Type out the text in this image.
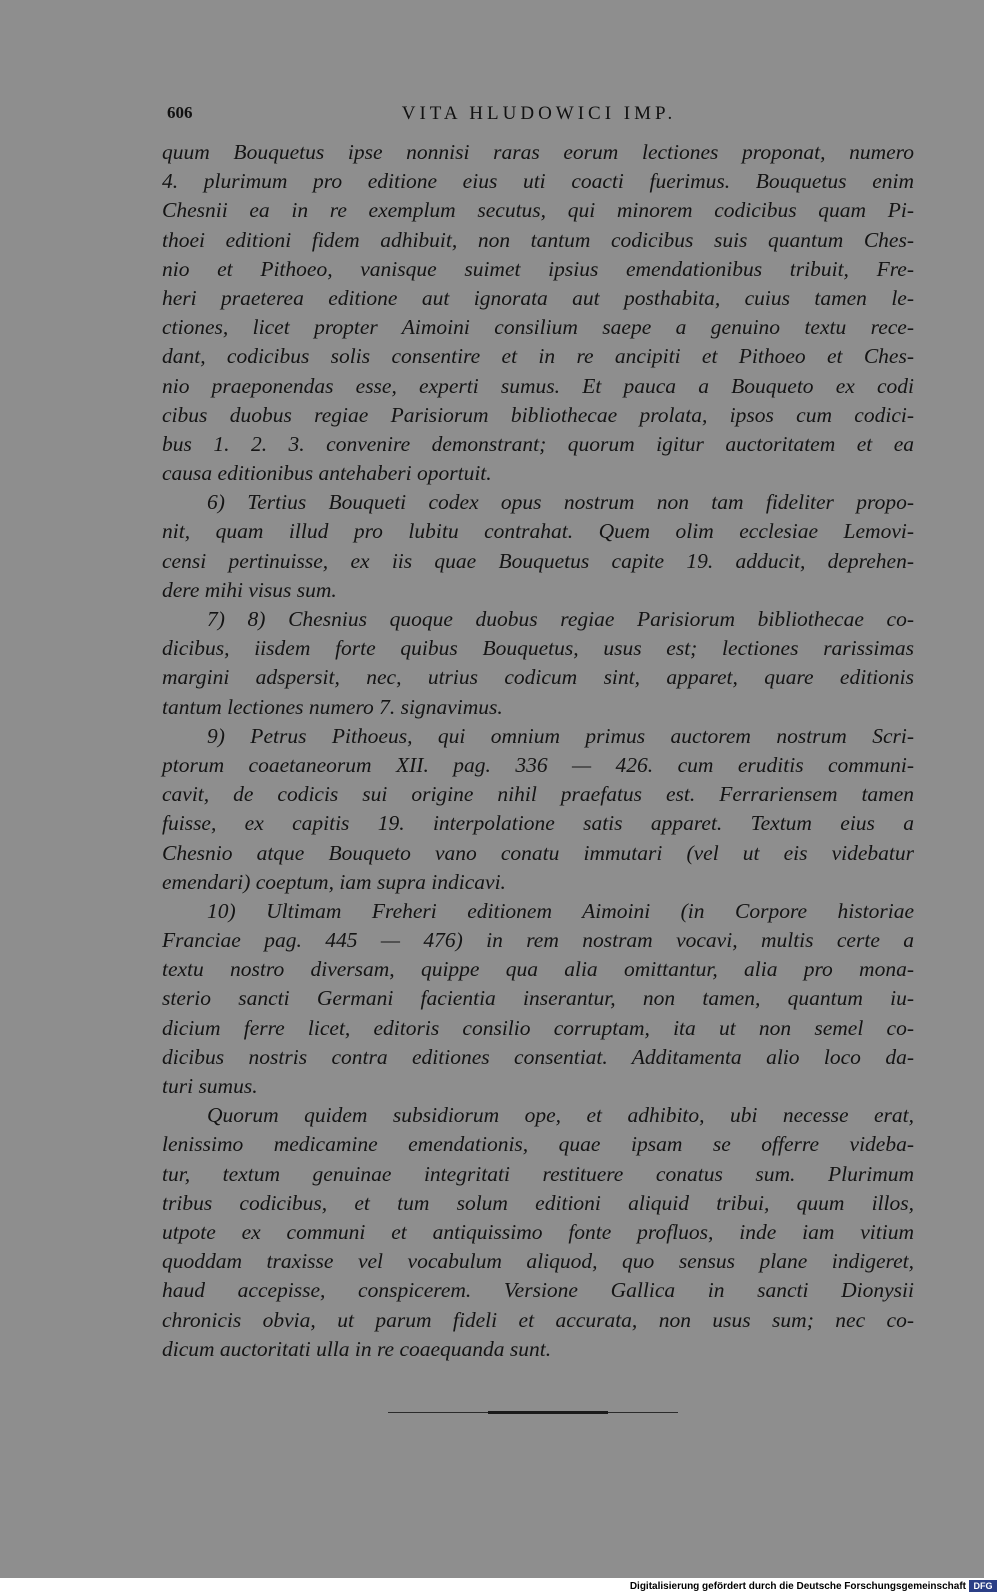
606	VITA HLUDOWICI IMP.
quum Bouquetus ipse nonnisi raras eorum lectiones proponat, numero
4. plurimum pro editione eius uti coacti fuerimus. Bouquetus enim
Chesnii ea in re exemplum secutus, qui minorem codicibus quam Pi-
thoei editioni fidem adhibuit, non tantum codicibus suis quantum Ches-
nio et Pithoeo, vanisque suimet ipsius emendationibus tribuit, Fre-
heri praeterea editione aut ignorata aut posthabita, cuius tamen le-
ctiones, licet propter Aimoini consilium saepe a genuino textu rece-
dant, codicibus solis consentire et in re ancipiti et Pithoeo et Ches-
nio praeponendas esse, experti sumus. Et pauca a Bouqueto ex codi
cibus duobus regiae Parisiorum bibliothecae prolata, ipsos cum codici-
bus 1. 2. 3. convenire demonstrant; quorum igitur auctoritatem et ea
causa editionibus antehaberi oportuit.
6) Tertius Bouqueti codex opus nostrum non tam fideliter propo-
nit, quam illud pro lubitu contrahat. Quem olim ecclesiae Lemovi-
censi pertinuisse, ex iis quae Bouquetus capite 19. adducit, deprehen-
dere mihi visus sum.
7) 8) Chesnius quoque duobus regiae Parisiorum bibliothecae co-
dicibus, iisdem forte quibus Bouquetus, usus est; lectiones rarissimas
margini adspersit, nec, utrius codicum sint, apparet, quare editionis
tantum lectiones numero 7. signavimus.
9) Petrus Pithoeus, qui omnium primus auctorem nostrum Scri-
ptorum coaetaneorum XII. pag. 336 — 426. cum eruditis communi-
cavit, de codicis sui origine nihil praefatus est. Ferrariensem tamen
fuisse, ex capitis 19. interpolatione satis apparet. Textum eius a
Chesnio atque Bouqueto vano conatu immutari (vel ut eis videbatur
emendari) coeptum, iam supra indicavi.
10) Ultimam Freheri editionem Aimoini (in Corpore historiae
Franciae pag. 445 — 476) in rem nostram vocavi, multis certe a
textu nostro diversam, quippe qua alia omittantur, alia pro mona-
sterio sancti Germani facientia inserantur, non tamen, quantum iu-
dicium ferre licet, editoris consilio corruptam, ita ut non semel co-
dicibus nostris contra editiones consentiat. Additamenta alio loco da-
turi sumus.
Quorum quidem subsidiorum ope, et adhibito, ubi necesse erat,
lenissimo medicamine emendationis, quae ipsam se offerre videba-
tur, textum genuinae integritati restituere conatus sum. Plurimum
tribus codicibus, et tum solum editioni aliquid tribui, quum illos,
utpote ex communi et antiquissimo fonte profluos, inde iam vitium
quoddam traxisse vel vocabulum aliquod, quo sensus plane indigeret,
haud accepisse, conspicerem. Versione Gallica in sancti Dionysii
chronicis obvia, ut parum fideli et accurata, non usus sum; nec co-
dicum auctoritati ulla in re coaequanda sunt.
Digitalisierung gefördert durch die Deutsche Forschungsgemeinschaft DFG
